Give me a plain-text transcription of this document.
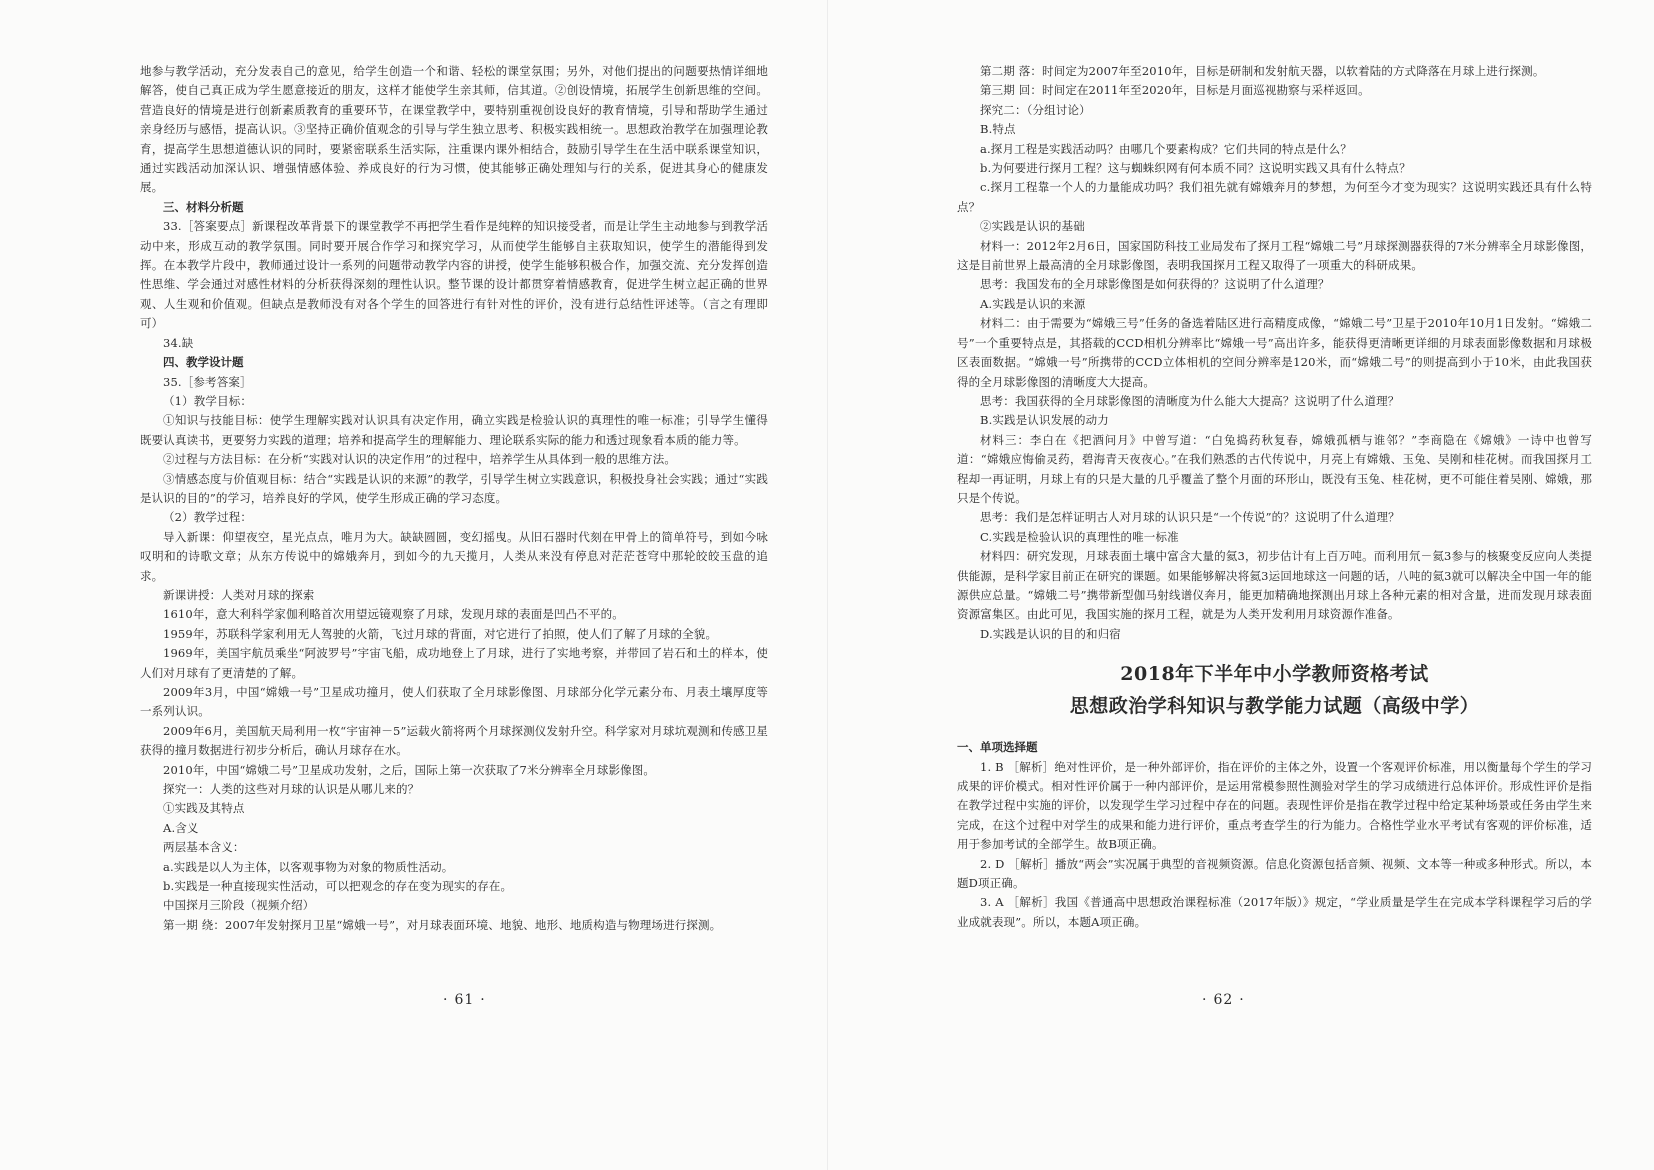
地参与教学活动，充分发表自己的意见，给学生创造一个和谐、轻松的课堂氛围；另外，对他们提出的问题要热情详细地解答，使自己真正成为学生愿意接近的朋友，这样才能使学生亲其师，信其道。②创设情境，拓展学生创新思维的空间。营造良好的情境是进行创新素质教育的重要环节，在课堂教学中，要特别重视创设良好的教育情境，引导和帮助学生通过亲身经历与感悟，提高认识。③坚持正确价值观念的引导与学生独立思考、积极实践相统一。思想政治教学在加强理论教育，提高学生思想道德认识的同时，要紧密联系生活实际，注重课内课外相结合，鼓励引导学生在生活中联系课堂知识，通过实践活动加深认识、增强情感体验、养成良好的行为习惯，使其能够正确处理知与行的关系，促进其身心的健康发展。

三、材料分析题

33.［答案要点］新课程改革背景下的课堂教学不再把学生看作是纯粹的知识接受者，而是让学生主动地参与到教学活动中来，形成互动的教学氛围。同时要开展合作学习和探究学习，从而使学生能够自主获取知识，使学生的潜能得到发挥。在本教学片段中，教师通过设计一系列的问题带动教学内容的讲授，使学生能够积极合作，加强交流、充分发挥创造性思维、学会通过对感性材料的分析获得深刻的理性认识。整节课的设计都贯穿着情感教育，促进学生树立起正确的世界观、人生观和价值观。但缺点是教师没有对各个学生的回答进行有针对性的评价，没有进行总结性评述等。（言之有理即可）

34.缺

四、教学设计题

35.［参考答案］

（1）教学目标：

①知识与技能目标：使学生理解实践对认识具有决定作用，确立实践是检验认识的真理性的唯一标准；引导学生懂得既要认真读书，更要努力实践的道理；培养和提高学生的理解能力、理论联系实际的能力和透过现象看本质的能力等。

②过程与方法目标：在分析“实践对认识的决定作用”的过程中，培养学生从具体到一般的思维方法。

③情感态度与价值观目标：结合“实践是认识的来源”的教学，引导学生树立实践意识，积极投身社会实践；通过“实践是认识的目的”的学习，培养良好的学风，使学生形成正确的学习态度。

（2）教学过程：

导入新课：仰望夜空，星光点点，唯月为大。缺缺圆圆，变幻摇曳。从旧石器时代刻在甲骨上的简单符号，到如今咏叹明和的诗歌文章；从东方传说中的嫦娥奔月，到如今的九天揽月，人类从来没有停息对茫茫苍穹中那轮皎皎玉盘的追求。

新课讲授：人类对月球的探索

1610年，意大利科学家伽利略首次用望远镜观察了月球，发现月球的表面是凹凸不平的。

1959年，苏联科学家利用无人驾驶的火箭，飞过月球的背面，对它进行了拍照，使人们了解了月球的全貌。

1969年，美国宇航员乘坐“阿波罗号”宇宙飞船，成功地登上了月球，进行了实地考察，并带回了岩石和土的样本，使人们对月球有了更清楚的了解。

2009年3月，中国“嫦娥一号”卫星成功撞月，使人们获取了全月球影像图、月球部分化学元素分布、月表土壤厚度等一系列认识。

2009年6月，美国航天局利用一枚“宇宙神－5”运载火箭将两个月球探测仪发射升空。科学家对月球坑观测和传感卫星获得的撞月数据进行初步分析后，确认月球存在水。

2010年，中国“嫦娥二号”卫星成功发射，之后，国际上第一次获取了7米分辨率全月球影像图。

探究一：人类的这些对月球的认识是从哪儿来的？

①实践及其特点

A.含义

两层基本含义：

a.实践是以人为主体，以客观事物为对象的物质性活动。

b.实践是一种直接现实性活动，可以把观念的存在变为现实的存在。

中国探月三阶段（视频介绍）

第一期 绕：2007年发射探月卫星“嫦娥一号”，对月球表面环境、地貌、地形、地质构造与物理场进行探测。

· 61 ·

第二期 落：时间定为2007年至2010年，目标是研制和发射航天器，以软着陆的方式降落在月球上进行探测。

第三期 回：时间定在2011年至2020年，目标是月面巡视勘察与采样返回。

探究二：（分组讨论）

B.特点

a.探月工程是实践活动吗？由哪几个要素构成？它们共同的特点是什么？

b.为何要进行探月工程？这与蜘蛛织网有何本质不同？这说明实践又具有什么特点？

c.探月工程靠一个人的力量能成功吗？我们祖先就有嫦娥奔月的梦想，为何至今才变为现实？这说明实践还具有什么特点？

②实践是认识的基础

材料一：2012年2月6日，国家国防科技工业局发布了探月工程“嫦娥二号”月球探测器获得的7米分辨率全月球影像图，这是目前世界上最高清的全月球影像图，表明我国探月工程又取得了一项重大的科研成果。

思考：我国发布的全月球影像图是如何获得的？这说明了什么道理？

A.实践是认识的来源

材料二：由于需要为“嫦娥三号”任务的备选着陆区进行高精度成像，“嫦娥二号”卫星于2010年10月1日发射。“嫦娥二号”一个重要特点是，其搭载的CCD相机分辨率比“嫦娥一号”高出许多，能获得更清晰更详细的月球表面影像数据和月球极区表面数据。“嫦娥一号”所携带的CCD立体相机的空间分辨率是120米，而“嫦娥二号”的则提高到小于10米，由此我国获得的全月球影像图的清晰度大大提高。

思考：我国获得的全月球影像图的清晰度为什么能大大提高？这说明了什么道理？

B.实践是认识发展的动力

材料三：李白在《把酒问月》中曾写道：“白兔捣药秋复春，嫦娥孤栖与谁邻？”李商隐在《嫦娥》一诗中也曾写道：“嫦娥应悔偷灵药，碧海青天夜夜心。”在我们熟悉的古代传说中，月亮上有嫦娥、玉兔、吴刚和桂花树。而我国探月工程却一再证明，月球上有的只是大量的几乎覆盖了整个月面的环形山，既没有玉兔、桂花树，更不可能住着吴刚、嫦娥，那只是个传说。

思考：我们是怎样证明古人对月球的认识只是“一个传说”的？这说明了什么道理？

C.实践是检验认识的真理性的唯一标准

材料四：研究发现，月球表面土壤中富含大量的氦3，初步估计有上百万吨。而利用氘－氦3参与的核聚变反应向人类提供能源，是科学家目前正在研究的课题。如果能够解决将氦3运回地球这一问题的话，八吨的氦3就可以解决全中国一年的能源供应总量。“嫦娥二号”携带新型伽马射线谱仪奔月，能更加精确地探测出月球上各种元素的相对含量，进而发现月球表面资源富集区。由此可见，我国实施的探月工程，就是为人类开发利用月球资源作准备。

D.实践是认识的目的和归宿

2018年下半年中小学教师资格考试

思想政治学科知识与教学能力试题（高级中学）

一、单项选择题

1. B ［解析］绝对性评价，是一种外部评价，指在评价的主体之外，设置一个客观评价标准，用以衡量每个学生的学习成果的评价模式。相对性评价属于一种内部评价，是运用常模参照性测验对学生的学习成绩进行总体评价。形成性评价是指在教学过程中实施的评价，以发现学生学习过程中存在的问题。表现性评价是指在教学过程中给定某种场景或任务由学生来完成，在这个过程中对学生的成果和能力进行评价，重点考查学生的行为能力。合格性学业水平考试有客观的评价标准，适用于参加考试的全部学生。故B项正确。

2. D ［解析］播放“两会”实况属于典型的音视频资源。信息化资源包括音频、视频、文本等一种或多种形式。所以，本题D项正确。

3. A ［解析］我国《普通高中思想政治课程标准（2017年版）》规定，“学业质量是学生在完成本学科课程学习后的学业成就表现”。所以，本题A项正确。

· 62 ·
